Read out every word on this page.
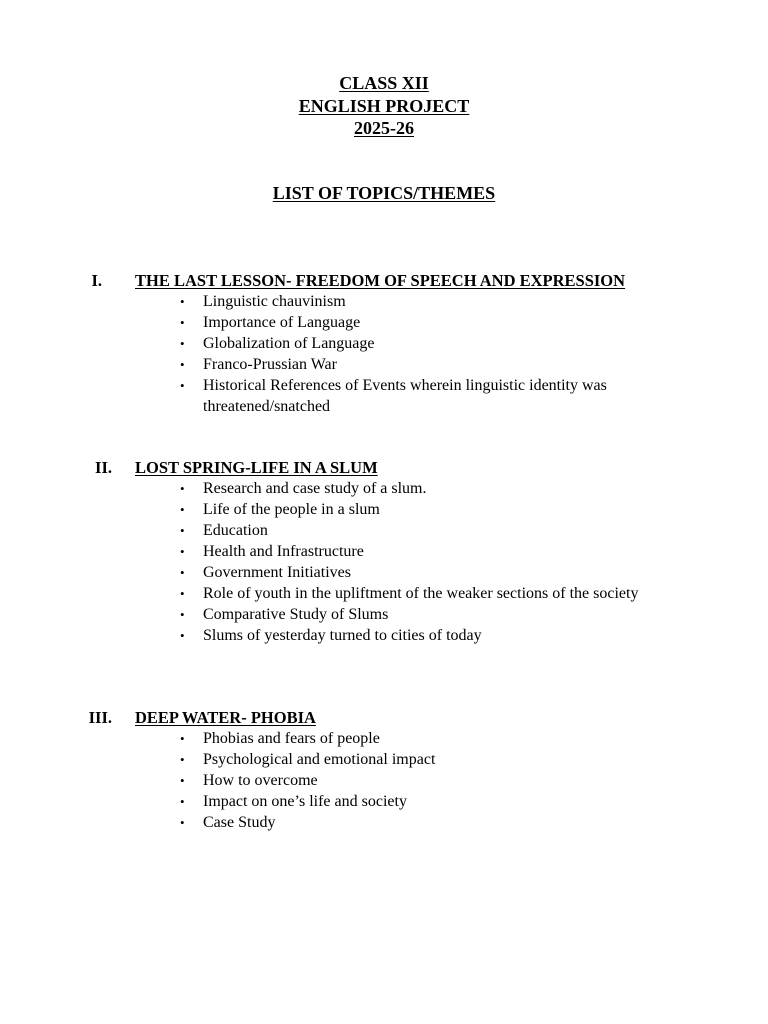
CLASS XII
ENGLISH PROJECT
2025-26
LIST OF TOPICS/THEMES
I. THE LAST LESSON- FREEDOM OF SPEECH AND EXPRESSION
• Linguistic chauvinism
• Importance of Language
• Globalization of Language
• Franco-Prussian War
• Historical References of Events wherein linguistic identity was threatened/snatched
II. LOST SPRING-LIFE IN A SLUM
• Research and case study of a slum.
• Life of the people in a slum
• Education
• Health and Infrastructure
• Government Initiatives
• Role of youth in the upliftment of the weaker sections of the society
• Comparative Study of Slums
• Slums of yesterday turned to cities of today
III. DEEP WATER- PHOBIA
• Phobias and fears of people
• Psychological and emotional impact
• How to overcome
• Impact on one’s life and society
• Case Study
